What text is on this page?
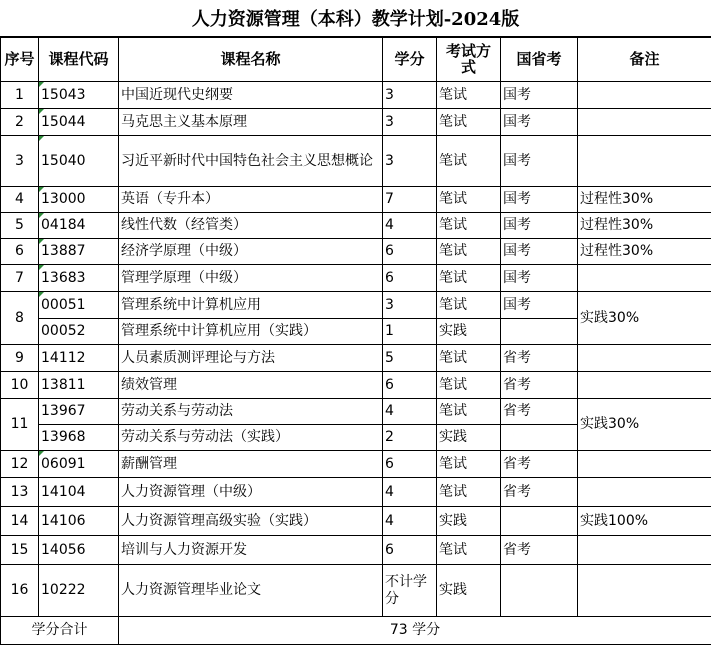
人力资源管理（本科）教学计划-2024版
序号	课程代码	课程名称	学分	考试方式	国省考	备注
1	15043	中国近现代史纲要	3	笔试	国考	
2	15044	马克思主义基本原理	3	笔试	国考	
3	15040	习近平新时代中国特色社会主义思想概论	3	笔试	国考	
4	13000	英语（专升本）	7	笔试	国考	过程性30%
5	04184	线性代数（经管类）	4	笔试	国考	过程性30%
6	13887	经济学原理（中级）	6	笔试	国考	过程性30%
7	13683	管理学原理（中级）	6	笔试	国考	
8	00051	管理系统中计算机应用	3	笔试	国考	实践30%
	00052	管理系统中计算机应用（实践）	1	实践		
9	14112	人员素质测评理论与方法	5	笔试	省考	
10	13811	绩效管理	6	笔试	省考	
11	13967	劳动关系与劳动法	4	笔试	省考	实践30%
	13968	劳动关系与劳动法（实践）	2	实践		
12	06091	薪酬管理	6	笔试	省考	
13	14104	人力资源管理（中级）	4	笔试	省考	
14	14106	人力资源管理高级实验（实践）	4	实践		实践100%
15	14056	培训与人力资源开发	6	笔试	省考	
16	10222	人力资源管理毕业论文	不计学分	实践		
学分合计		73 学分				
